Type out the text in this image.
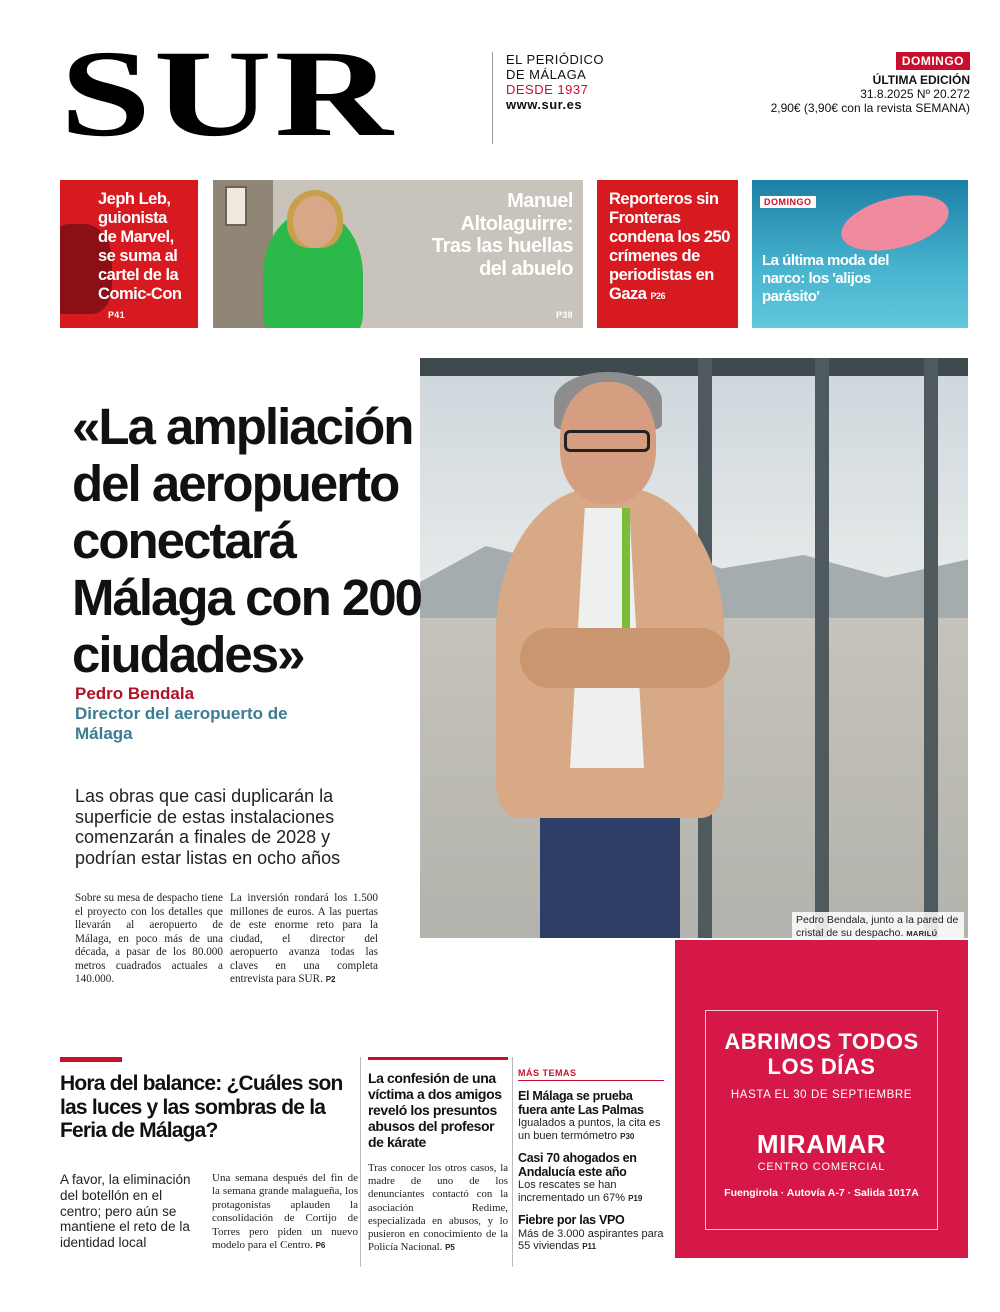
SUR	EL PERIÓDICO
DE MÁLAGA
DESDE 1937
www.sur.es
DOMINGO
ÚLTIMA EDICIÓN
31.8.2025 Nº 20.272
2,90€ (3,90€ con la revista SEMANA)
Jeph Leb, guionista de Marvel, se suma al cartel de la Comic-Con
P41
Manuel Altolaguirre: Tras las huellas del abuelo
P38
Reporteros sin Fronteras condena los 250 crímenes de periodistas en Gaza P26
DOMINGO
La última moda del narco: los 'alijos parásito'
Pedro Bendala, junto a la pared de cristal de su despacho. MARILÚ
«La ampliación del aeropuerto conectará Málaga con 200 ciudades»
Pedro Bendala
Director del aeropuerto de Málaga
Las obras que casi duplicarán la superficie de estas instalaciones comenzarán a finales de 2028 y podrían estar listas en ocho años
Sobre su mesa de despacho tiene el proyecto con los detalles que llevarán al aeropuerto de Málaga, en poco más de una década, a pasar de los 80.000 metros cuadrados actuales a 140.000.
La inversión rondará los 1.500 millones de euros. A las puertas de este enorme reto para la ciudad, el director del aeropuerto avanza todas las claves en una completa entrevista para SUR. P2
Hora del balance: ¿Cuáles son las luces y las sombras de la Feria de Málaga?
A favor, la eliminación del botellón en el centro; pero aún se mantiene el reto de la identidad local
Una semana después del fin de la semana grande malagueña, los protagonistas aplauden la consolidación de Cortijo de Torres pero piden un nuevo modelo para el Centro. P6
La confesión de una víctima a dos amigos reveló los presuntos abusos del profesor de kárate
Tras conocer los otros casos, la madre de uno de los denunciantes contactó con la asociación Redime, especializada en abusos, y lo pusieron en conocimiento de la Policía Nacional. P5
MÁS TEMAS
El Málaga se prueba fuera ante Las Palmas
Igualados a puntos, la cita es un buen termómetro P30
Casi 70 ahogados en Andalucía este año
Los rescates se han incrementado un 67% P19
Fiebre por las VPO
Más de 3.000 aspirantes para 55 viviendas P11
ABRIMOS TODOS LOS DÍAS
HASTA EL 30 DE SEPTIEMBRE
MIRAMAR
CENTRO COMERCIAL
Fuengirola · Autovía A-7 · Salida 1017A
